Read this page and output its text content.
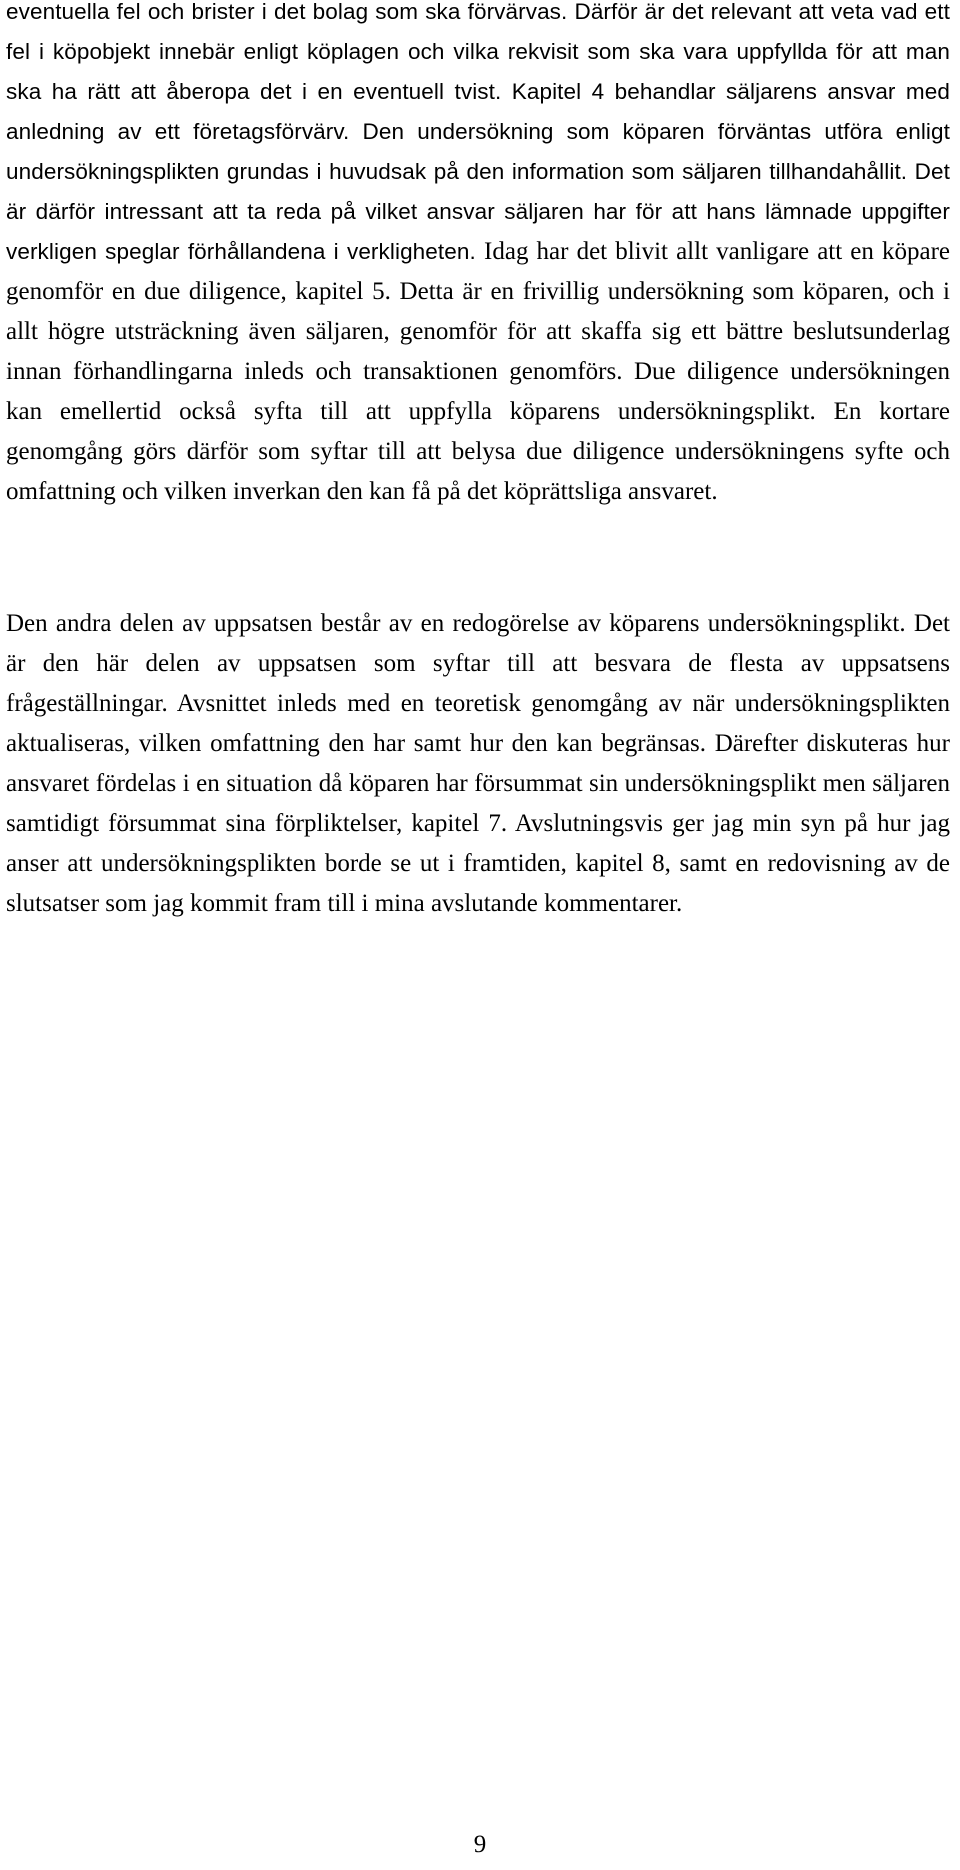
eventuella fel och brister i det bolag som ska förvärvas. Därför är det relevant att veta vad ett fel i köpobjekt innebär enligt köplagen och vilka rekvisit som ska vara uppfyllda för att man ska ha rätt att åberopa det i en eventuell tvist. Kapitel 4 behandlar säljarens ansvar med anledning av ett företagsförvärv. Den undersökning som köparen förväntas utföra enligt undersökningsplikten grundas i huvudsak på den information som säljaren tillhandahållit. Det är därför intressant att ta reda på vilket ansvar säljaren har för att hans lämnade uppgifter verkligen speglar förhållandena i verkligheten. Idag har det blivit allt vanligare att en köpare genomför en due diligence, kapitel 5. Detta är en frivillig undersökning som köparen, och i allt högre utsträckning även säljaren, genomför för att skaffa sig ett bättre beslutsunderlag innan förhandlingarna inleds och transaktionen genomförs. Due diligence undersökningen kan emellertid också syfta till att uppfylla köparens undersökningsplikt. En kortare genomgång görs därför som syftar till att belysa due diligence undersökningens syfte och omfattning och vilken inverkan den kan få på det köprättsliga ansvaret.

Den andra delen av uppsatsen består av en redogörelse av köparens undersökningsplikt. Det är den här delen av uppsatsen som syftar till att besvara de flesta av uppsatsens frågeställningar. Avsnittet inleds med en teoretisk genomgång av när undersökningsplikten aktualiseras, vilken omfattning den har samt hur den kan begränsas. Därefter diskuteras hur ansvaret fördelas i en situation då köparen har försummat sin undersökningsplikt men säljaren samtidigt försummat sina förpliktelser, kapitel 7. Avslutningsvis ger jag min syn på hur jag anser att undersökningsplikten borde se ut i framtiden, kapitel 8, samt en redovisning av de slutsatser som jag kommit fram till i mina avslutande kommentarer.

9
